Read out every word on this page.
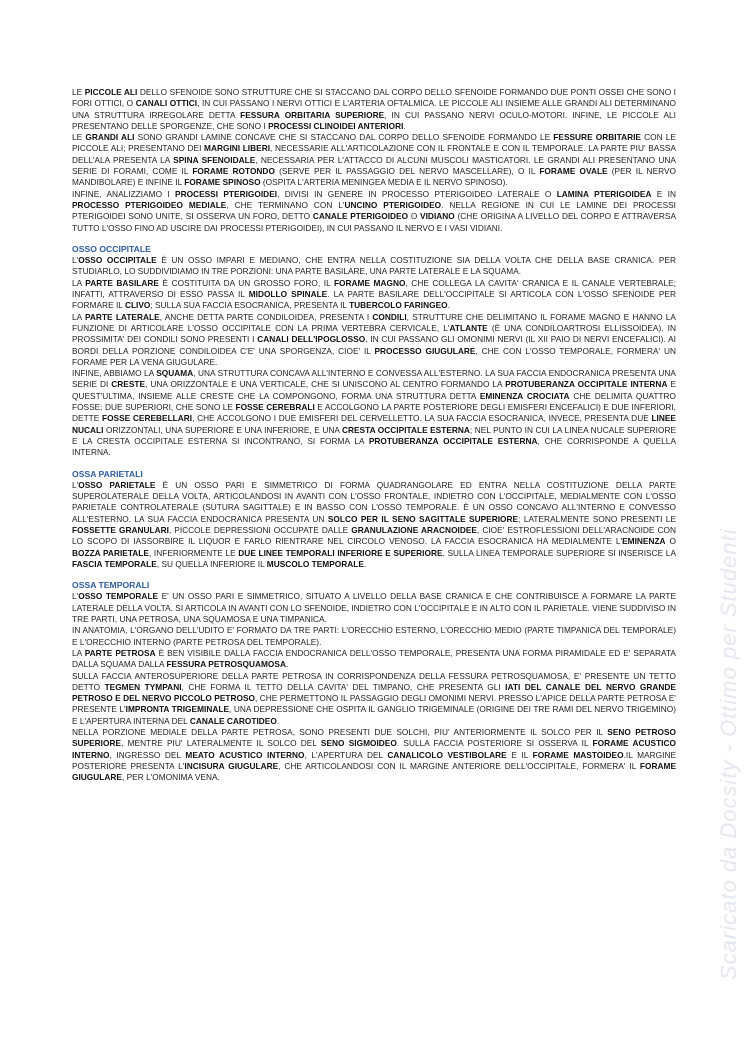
LE PICCOLE ALI DELLO SFENOIDE SONO STRUTTURE CHE SI STACCANO DAL CORPO DELLO SFENOIDE FORMANDO DUE PONTI OSSEI CHE SONO I FORI OTTICI, O CANALI OTTICI, IN CUI PASSANO I NERVI OTTICI E L'ARTERIA OFTALMICA. LE PICCOLE ALI INSIEME ALLE GRANDI ALI DETERMINANO UNA STRUTTURA IRREGOLARE DETTA FESSURA ORBITARIA SUPERIORE, IN CUI PASSANO NERVI OCULO-MOTORI. INFINE, LE PICCOLE ALI PRESENTANO DELLE SPORGENZE, CHE SONO I PROCESSI CLINOIDEI ANTERIORI.

LE GRANDI ALI SONO GRANDI LAMINE CONCAVE CHE SI STACCANO DAL CORPO DELLO SFENOIDE FORMANDO LE FESSURE ORBITARIE CON LE PICCOLE ALI; PRESENTANO DEI MARGINI LIBERI, NECESSARIE ALL'ARTICOLAZIONE CON IL FRONTALE E CON IL TEMPORALE. LA PARTE PIU' BASSA DELL'ALA PRESENTA LA SPINA SFENOIDALE, NECESSARIA PER L'ATTACCO DI ALCUNI MUSCOLI MASTICATORI. LE GRANDI ALI PRESENTANO UNA SERIE DI FORAMI, COME IL FORAME ROTONDO (SERVE PER IL PASSAGGIO DEL NERVO MASCELLARE), O IL FORAME OVALE (PER IL NERVO MANDIBOLARE) E INFINE IL FORAME SPINOSO (OSPITA L'ARTERIA MENINGEA MEDIA E IL NERVO SPINOSO).

INFINE, ANALIZZIAMO I PROCESSI PTERIGOIDEI, DIVISI IN GENERE IN PROCESSO PTERIGOIDEO LATERALE O LAMINA PTERIGOIDEA E IN PROCESSO PTERIGOIDEO MEDIALE, CHE TERMINANO CON L'UNCINO PTERIGOIDEO. NELLA REGIONE IN CUI LE LAMINE DEI PROCESSI PTERIGOIDEI SONO UNITE, SI OSSERVA UN FORO, DETTO CANALE PTERIGOIDEO O VIDIANO (CHE ORIGINA A LIVELLO DEL CORPO E ATTRAVERSA TUTTO L'OSSO FINO AD USCIRE DAI PROCESSI PTERIGOIDEI), IN CUI PASSANO IL NERVO E I VASI VIDIANI.

OSSO OCCIPITALE

L'OSSO OCCIPITALE È UN OSSO IMPARI E MEDIANO, CHE ENTRA NELLA COSTITUZIONE SIA DELLA VOLTA CHE DELLA BASE CRANICA. PER STUDIARLO, LO SUDDIVIDIAMO IN TRE PORZIONI: UNA PARTE BASILARE, UNA PARTE LATERALE E LA SQUAMA.

LA PARTE BASILARE È COSTITUITA DA UN GROSSO FORO, IL FORAME MAGNO, CHE COLLEGA LA CAVITA' CRANICA E IL CANALE VERTEBRALE; INFATTI, ATTRAVERSO DI ESSO PASSA IL MIDOLLO SPINALE. LA PARTE BASILARE DELL'OCCIPITALE SI ARTICOLA CON L'OSSO SFENOIDE PER FORMARE IL CLIVO; SULLA SUA FACCIA ESOCRANICA, PRESENTA IL TUBERCOLO FARINGEO.

LA PARTE LATERALE, ANCHE DETTA PARTE CONDILOIDEA, PRESENTA I CONDILI, STRUTTURE CHE DELIMITANO IL FORAME MAGNO E HANNO LA FUNZIONE DI ARTICOLARE L'OSSO OCCIPITALE CON LA PRIMA VERTEBRA CERVICALE, L'ATLANTE (È UNA CONDILOARTROSI ELLISSOIDEA). IN PROSSIMITA' DEI CONDILI SONO PRESENTI I CANALI DELL'IPOGLOSSO, IN CUI PASSANO GLI OMONIMI NERVI (IL XII PAIO DI NERVI ENCEFALICI). AI BORDI DELLA PORZIONE CONDILOIDEA C'E' UNA SPORGENZA, CIOE' IL PROCESSO GIUGULARE, CHE CON L'OSSO TEMPORALE, FORMERA' UN FORAME PER LA VENA GIUGULARE.

INFINE, ABBIAMO LA SQUAMA, UNA STRUTTURA CONCAVA ALL'INTERNO E CONVESSA ALL'ESTERNO. LA SUA FACCIA ENDOCRANICA PRESENTA UNA SERIE DI CRESTE, UNA ORIZZONTALE E UNA VERTICALE, CHE SI UNISCONO AL CENTRO FORMANDO LA PROTUBERANZA OCCIPITALE INTERNA E QUEST'ULTIMA, INSIEME ALLE CRESTE CHE LA COMPONGONO, FORMA UNA STRUTTURA DETTA EMINENZA CROCIATA CHE DELIMITA QUATTRO FOSSE: DUE SUPERIORI, CHE SONO LE FOSSE CEREBRALI E ACCOLGONO LA PARTE POSTERIORE DEGLI EMISFERI ENCEFALICI) E DUE INFERIORI, DETTE FOSSE CEREBELLARI, CHE ACCOLGONO I DUE EMISFERI DEL CERVELLETTO. LA SUA FACCIA ESOCRANICA, INVECE, PRESENTA DUE LINEE NUCALI ORIZZONTALI, UNA SUPERIORE E UNA INFERIORE, E UNA CRESTA OCCIPITALE ESTERNA; NEL PUNTO IN CUI LA LINEA NUCALE SUPERIORE E LA CRESTA OCCIPITALE ESTERNA SI INCONTRANO, SI FORMA LA PROTUBERANZA OCCIPITALE ESTERNA, CHE CORRISPONDE A QUELLA INTERNA.

OSSA PARIETALI

L'OSSO PARIETALE È UN OSSO PARI E SIMMETRICO DI FORMA QUADRANGOLARE ED ENTRA NELLA COSTITUZIONE DELLA PARTE SUPEROLATERALE DELLA VOLTA, ARTICOLANDOSI IN AVANTI CON L'OSSO FRONTALE, INDIETRO CON L'OCCIPITALE, MEDIALMENTE CON L'OSSO PARIETALE CONTROLATERALE (SUTURA SAGITTALE) E IN BASSO CON L'OSSO TEMPORALE. È UN OSSO CONCAVO ALL'INTERNO E CONVESSO ALL'ESTERNO. LA SUA FACCIA ENDOCRANICA PRESENTA UN SOLCO PER IL SENO SAGITTALE SUPERIORE; LATERALMENTE SONO PRESENTI LE FOSSETTE GRANULARI, PICCOLE DEPRESSIONI OCCUPATE DALLE GRANULAZIONE ARACNOIDEE, CIOE' ESTROFLESSIONI DELL'ARACNOIDE CON LO SCOPO DI IASSORBIRE IL LIQUOR E FARLO RIENTRARE NEL CIRCOLO VENOSO. LA FACCIA ESOCRANICA HA MEDIALMENTE L'EMINENZA O BOZZA PARIETALE, INFERIORMENTE LE DUE LINEE TEMPORALI INFERIORE E SUPERIORE. SULLA LINEA TEMPORALE SUPERIORE SI INSERISCE LA FASCIA TEMPORALE, SU QUELLA INFERIORE IL MUSCOLO TEMPORALE.

OSSA TEMPORALI

L'OSSO TEMPORALE E' UN OSSO PARI E SIMMETRICO, SITUATO A LIVELLO DELLA BASE CRANICA E CHE CONTRIBUISCE A FORMARE LA PARTE LATERALE DELLA VOLTA. SI ARTICOLA IN AVANTI CON LO SFENOIDE, INDIETRO CON L'OCCIPITALE E IN ALTO CON IL PARIETALE. VIENE SUDDIVISO IN TRE PARTI, UNA PETROSA, UNA SQUAMOSA E UNA TIMPANICA.

IN ANATOMIA, L'ORGANO DELL'UDITO E' FORMATO DA TRE PARTI: L'ORECCHIO ESTERNO, L'ORECCHIO MEDIO (PARTE TIMPANICA DEL TEMPORALE) E L'ORECCHIO INTERNO (PARTE PETROSA DEL TEMPORALE).

LA PARTE PETROSA È BEN VISIBILE DALLA FACCIA ENDOCRANICA DELL'OSSO TEMPORALE, PRESENTA UNA FORMA PIRAMIDALE ED E' SEPARATA DALLA SQUAMA DALLA FESSURA PETROSQUAMOSA.

SULLA FACCIA ANTEROSUPERIORE DELLA PARTE PETROSA IN CORRISPONDENZA DELLA FESSURA PETROSQUAMOSA, E' PRESENTE UN TETTO DETTO TEGMEN TYMPANI, CHE FORMA IL TETTO DELLA CAVITA' DEL TIMPANO, CHE PRESENTA GLI IATI DEL CANALE DEL NERVO GRANDE PETROSO E DEL NERVO PICCOLO PETROSO, CHE PERMETTONO IL PASSAGGIO DEGLI OMONIMI NERVI. PRESSO L'APICE DELLA PARTE PETROSA E' PRESENTE L'IMPRONTA TRIGEMINALE, UNA DEPRESSIONE CHE OSPITA IL GANGLIO TRIGEMINALE (ORIGINE DEI TRE RAMI DEL NERVO TRIGEMINO) E L'APERTURA INTERNA DEL CANALE CAROTIDEO.

NELLA PORZIONE MEDIALE DELLA PARTE PETROSA, SONO PRESENTI DUE SOLCHI, PIU' ANTERIORMENTE IL SOLCO PER IL SENO PETROSO SUPERIORE, MENTRE PIU' LATERALMENTE IL SOLCO DEL SENO SIGMOIDEO. SULLA FACCIA POSTERIORE SI OSSERVA IL FORAME ACUSTICO INTERNO, INGRESSO DEL MEATO ACUSTICO INTERNO, L'APERTURA DEL CANALICOLO VESTIBOLARE E IL FORAME MASTOIDEO.IL MARGINE POSTERIORE PRESENTA L'INCISURA GIUGULARE, CHE ARTICOLANDOSI CON IL MARGINE ANTERIORE DELL'OCCIPITALE, FORMERA' IL FORAME GIUGULARE, PER L'OMONIMA VENA.	Scaricato da Docsity - Ottimo per Studenti
